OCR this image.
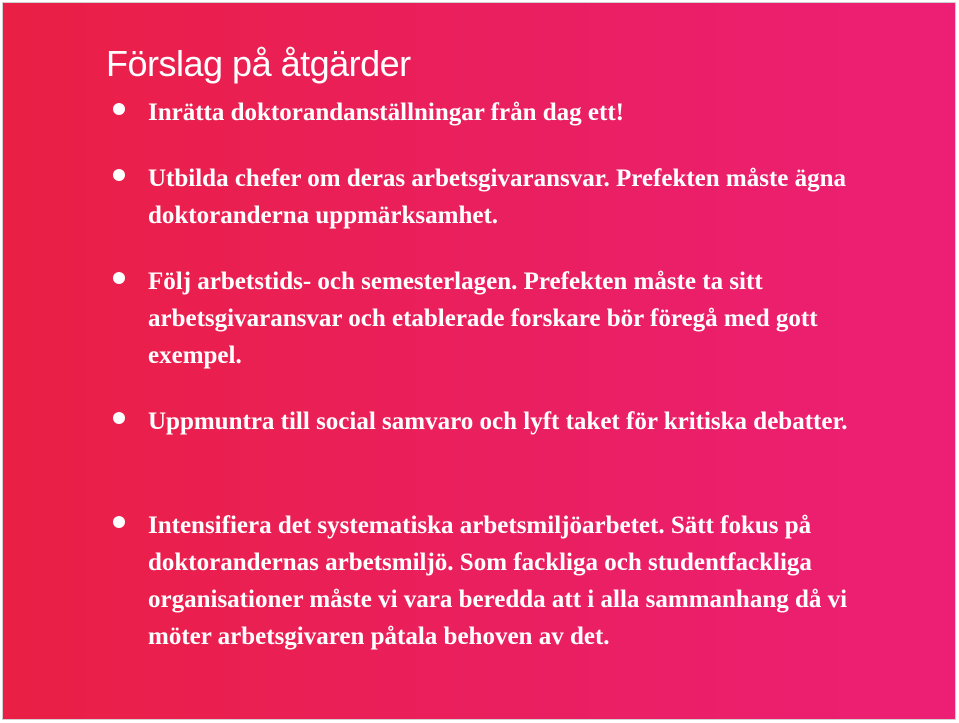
Förslag på åtgärder
Inrätta doktorandanställningar från dag ett!
Utbilda chefer om deras arbetsgivaransvar. Prefekten måste ägna doktoranderna uppmärksamhet.
Följ arbetstids- och semesterlagen. Prefekten måste ta sitt arbetsgivaransvar och etablerade forskare bör föregå med gott exempel.
Uppmuntra till social samvaro och lyft taket för kritiska debatter.
Intensifiera det systematiska arbetsmiljöarbetet. Sätt fokus på doktorandernas arbetsmiljö. Som fackliga och studentfackliga organisationer måste vi vara beredda att i alla sammanhang då vi möter arbetsgivaren påtala behoven av det.
